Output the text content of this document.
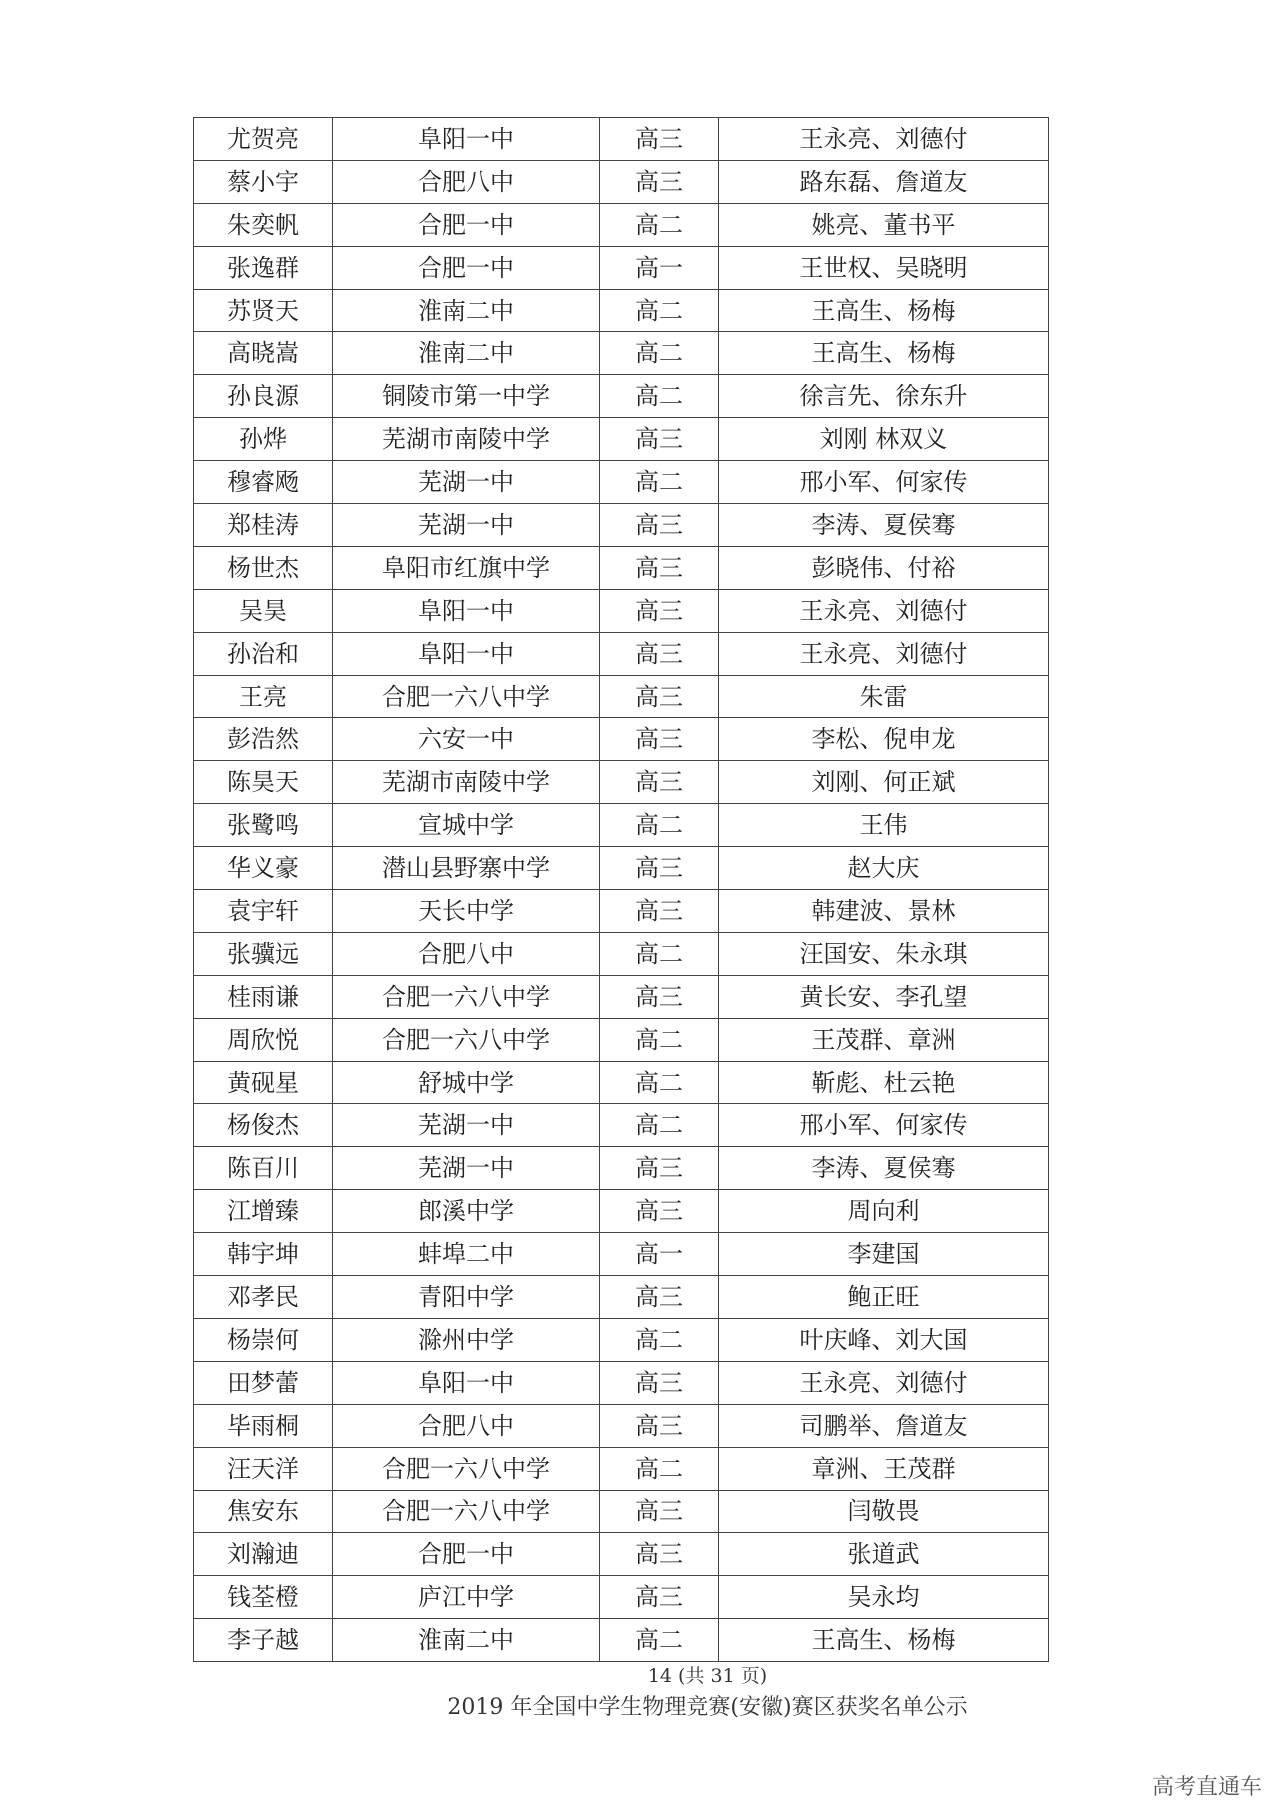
尤贺亮	阜阳一中	高三	王永亮、刘德付
蔡小宇	合肥八中	高三	路东磊、詹道友
朱奕帆	合肥一中	高二	姚亮、董书平
张逸群	合肥一中	高一	王世权、吴晓明
苏贤天	淮南二中	高二	王高生、杨梅
高晓嵩	淮南二中	高二	王高生、杨梅
孙良源	铜陵市第一中学	高二	徐言先、徐东升
孙烨	芜湖市南陵中学	高三	刘刚 林双义
穆睿飏	芜湖一中	高二	邢小军、何家传
郑桂涛	芜湖一中	高三	李涛、夏侯骞
杨世杰	阜阳市红旗中学	高三	彭晓伟、付裕
吴昊	阜阳一中	高三	王永亮、刘德付
孙治和	阜阳一中	高三	王永亮、刘德付
王亮	合肥一六八中学	高三	朱雷
彭浩然	六安一中	高三	李松、倪申龙
陈昊天	芜湖市南陵中学	高三	刘刚、何正斌
张鹭鸣	宣城中学	高二	王伟
华义豪	潜山县野寨中学	高三	赵大庆
袁宇轩	天长中学	高三	韩建波、景林
张骥远	合肥八中	高二	汪国安、朱永琪
桂雨谦	合肥一六八中学	高三	黄长安、李孔望
周欣悦	合肥一六八中学	高二	王茂群、章洲
黄砚星	舒城中学	高二	靳彪、杜云艳
杨俊杰	芜湖一中	高二	邢小军、何家传
陈百川	芜湖一中	高三	李涛、夏侯骞
江增臻	郎溪中学	高三	周向利
韩宇坤	蚌埠二中	高一	李建国
邓孝民	青阳中学	高三	鲍正旺
杨崇何	滁州中学	高二	叶庆峰、刘大国
田梦蕾	阜阳一中	高三	王永亮、刘德付
毕雨桐	合肥八中	高三	司鹏举、詹道友
汪天洋	合肥一六八中学	高二	章洲、王茂群
焦安东	合肥一六八中学	高三	闫敬畏
刘瀚迪	合肥一中	高三	张道武
钱荃橙	庐江中学	高三	吴永均
李子越	淮南二中	高二	王高生、杨梅
14 (共 31 页)
2019 年全国中学生物理竞赛(安徽)赛区获奖名单公示
高考直通车
